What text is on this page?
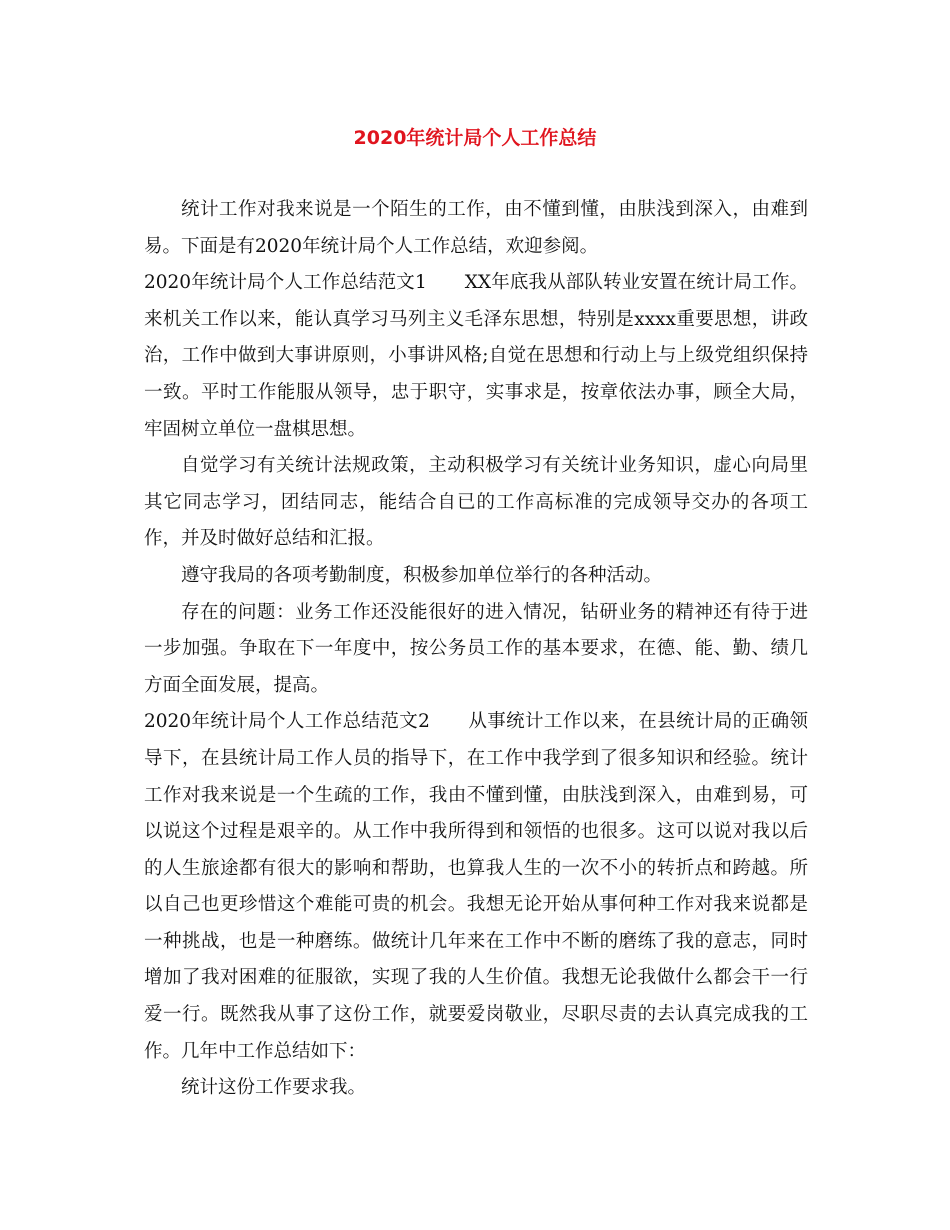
2020年统计局个人工作总结

统计工作对我来说是一个陌生的工作，由不懂到懂，由肤浅到深入，由难到易。下面是有2020年统计局个人工作总结，欢迎参阅。

2020年统计局个人工作总结范文1 XX年底我从部队转业安置在统计局工作。来机关工作以来，能认真学习马列主义毛泽东思想，特别是xxxx重要思想，讲政治，工作中做到大事讲原则，小事讲风格;自觉在思想和行动上与上级党组织保持一致。平时工作能服从领导，忠于职守，实事求是，按章依法办事，顾全大局，牢固树立单位一盘棋思想。

自觉学习有关统计法规政策，主动积极学习有关统计业务知识，虚心向局里其它同志学习，团结同志，能结合自已的工作高标准的完成领导交办的各项工作，并及时做好总结和汇报。

遵守我局的各项考勤制度，积极参加单位举行的各种活动。

存在的问题：业务工作还没能很好的进入情况，钻研业务的精神还有待于进一步加强。争取在下一年度中，按公务员工作的基本要求，在德、能、勤、绩几方面全面发展，提高。

2020年统计局个人工作总结范文2 从事统计工作以来，在县统计局的正确领导下，在县统计局工作人员的指导下，在工作中我学到了很多知识和经验。统计工作对我来说是一个生疏的工作，我由不懂到懂，由肤浅到深入，由难到易，可以说这个过程是艰辛的。从工作中我所得到和领悟的也很多。这可以说对我以后的人生旅途都有很大的影响和帮助，也算我人生的一次不小的转折点和跨越。所以自己也更珍惜这个难能可贵的机会。我想无论开始从事何种工作对我来说都是一种挑战，也是一种磨练。做统计几年来在工作中不断的磨练了我的意志，同时增加了我对困难的征服欲，实现了我的人生价值。我想无论我做什么都会干一行爱一行。既然我从事了这份工作，就要爱岗敬业，尽职尽责的去认真完成我的工作。几年中工作总结如下：

统计这份工作要求我。
